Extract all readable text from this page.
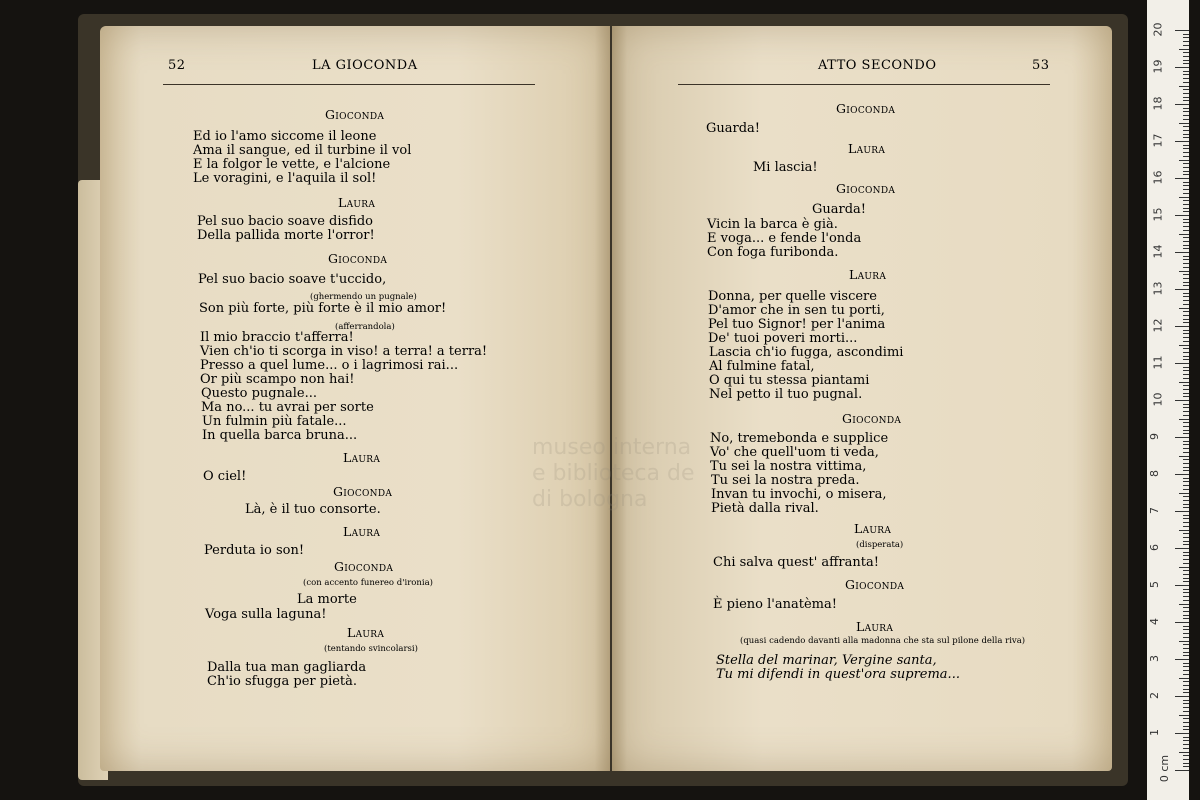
museo interna
e biblioteca de
di bologna
52	LA GIOCONDA	ATTO SECONDO	53
Gioconda
Ed io l'amo siccome il leone
Ama il sangue, ed il turbine il vol
E la folgor le vette, e l'alcione
Le voragini, e l'aquila il sol!
Laura
Pel suo bacio soave disfido
Della pallida morte l'orror!
Gioconda
Pel suo bacio soave t'uccido,
(ghermendo un pugnale)
Son più forte, più forte è il mio amor!
(afferrandola)
Il mio braccio t'afferra!
Vien ch'io ti scorga in viso! a terra! a terra!
Presso a quel lume... o i lagrimosi rai...
Or più scampo non hai!
Questo pugnale...
Ma no... tu avrai per sorte
Un fulmin più fatale...
In quella barca bruna...
Laura
O ciel!
Gioconda
Là, è il tuo consorte.
Laura
Perduta io son!
Gioconda
(con accento funereo d'ironia)
La morte
Voga sulla laguna!
Laura
(tentando svincolarsi)
Dalla tua man gagliarda
Ch'io sfugga per pietà.
Gioconda
Guarda!
Laura
Mi lascia!
Gioconda
Guarda!
Vicin la barca è già.
E voga... e fende l'onda
Con foga furibonda.
Laura
Donna, per quelle viscere
D'amor che in sen tu porti,
Pel tuo Signor! per l'anima
De' tuoi poveri morti...
Lascia ch'io fugga, ascondimi
Al fulmine fatal,
O qui tu stessa piantami
Nel petto il tuo pugnal.
Gioconda
No, tremebonda e supplice
Vo' che quell'uom ti veda,
Tu sei la nostra vittima,
Tu sei la nostra preda.
Invan tu invochi, o misera,
Pietà dalla rival.
Laura
(disperata)
Chi salva quest' affranta!
Gioconda
È pieno l'anatèma!
Laura
(quasi cadendo davanti alla madonna che sta sul pilone della riva)
Stella del marinar, Vergine santa,
Tu mi difendi in quest'ora suprema...
0 cm
1
2
3
4
5
6
7
8
9
10
11
12
13
14
15
16
17
18
19
20
